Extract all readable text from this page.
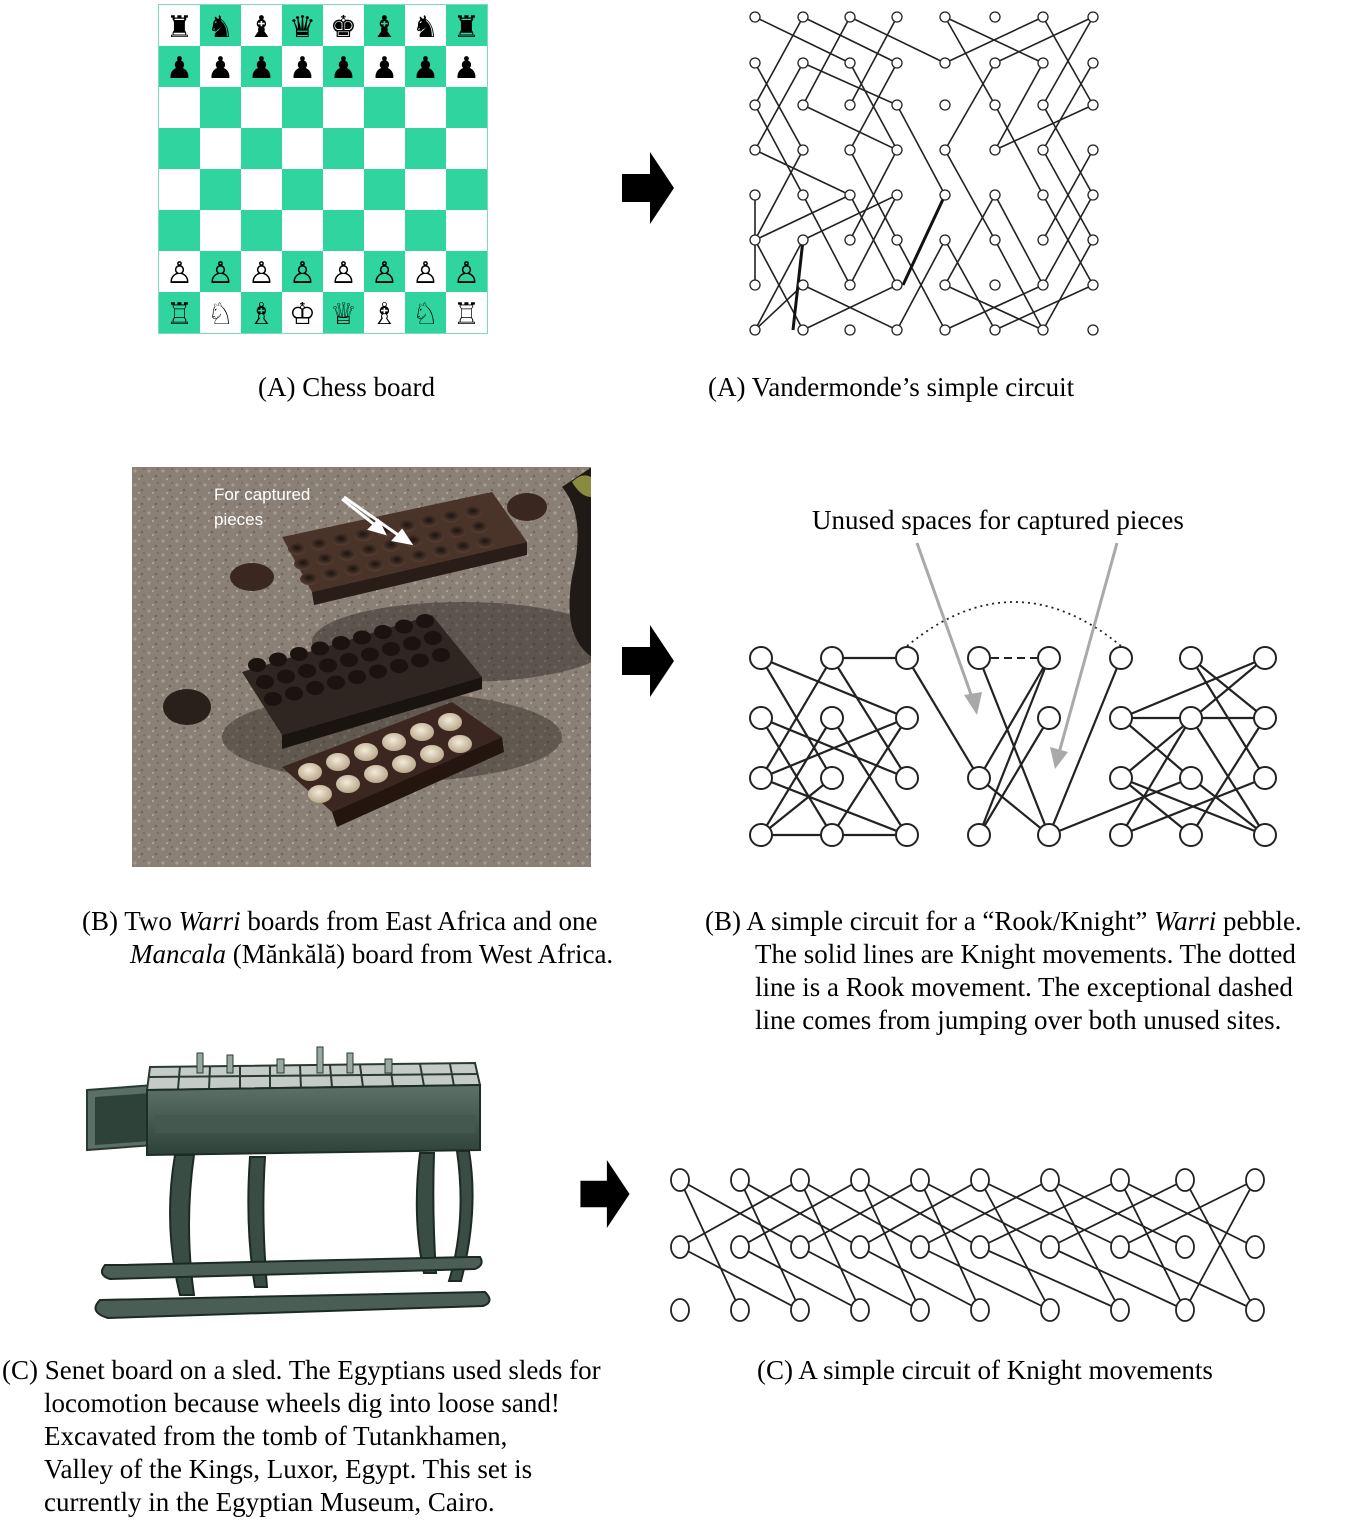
♜ ♞ ♝ ♛ ♚ ♝ ♞ ♜
♟ ♟ ♟ ♟ ♟ ♟ ♟ ♟
♙ ♙ ♙ ♙ ♙ ♙ ♙ ♙
♖ ♘ ♗ ♔ ♕ ♗ ♘ ♖
(A) Chess board	(A) Vandermonde’s simple circuit
For captured
pieces	Unused spaces for captured pieces
(B) Two Warri boards from East Africa and one
Mancala (Mănkălă) board from West Africa.
(B) A simple circuit for a “Rook/Knight” Warri pebble.
The solid lines are Knight movements. The dotted
line is a Rook movement. The exceptional dashed
line comes from jumping over both unused sites.
(C) Senet board on a sled. The Egyptians used sleds for
locomotion because wheels dig into loose sand!
Excavated from the tomb of Tutankhamen,
Valley of the Kings, Luxor, Egypt. This set is
currently in the Egyptian Museum, Cairo.
(C) A simple circuit of Knight movements
